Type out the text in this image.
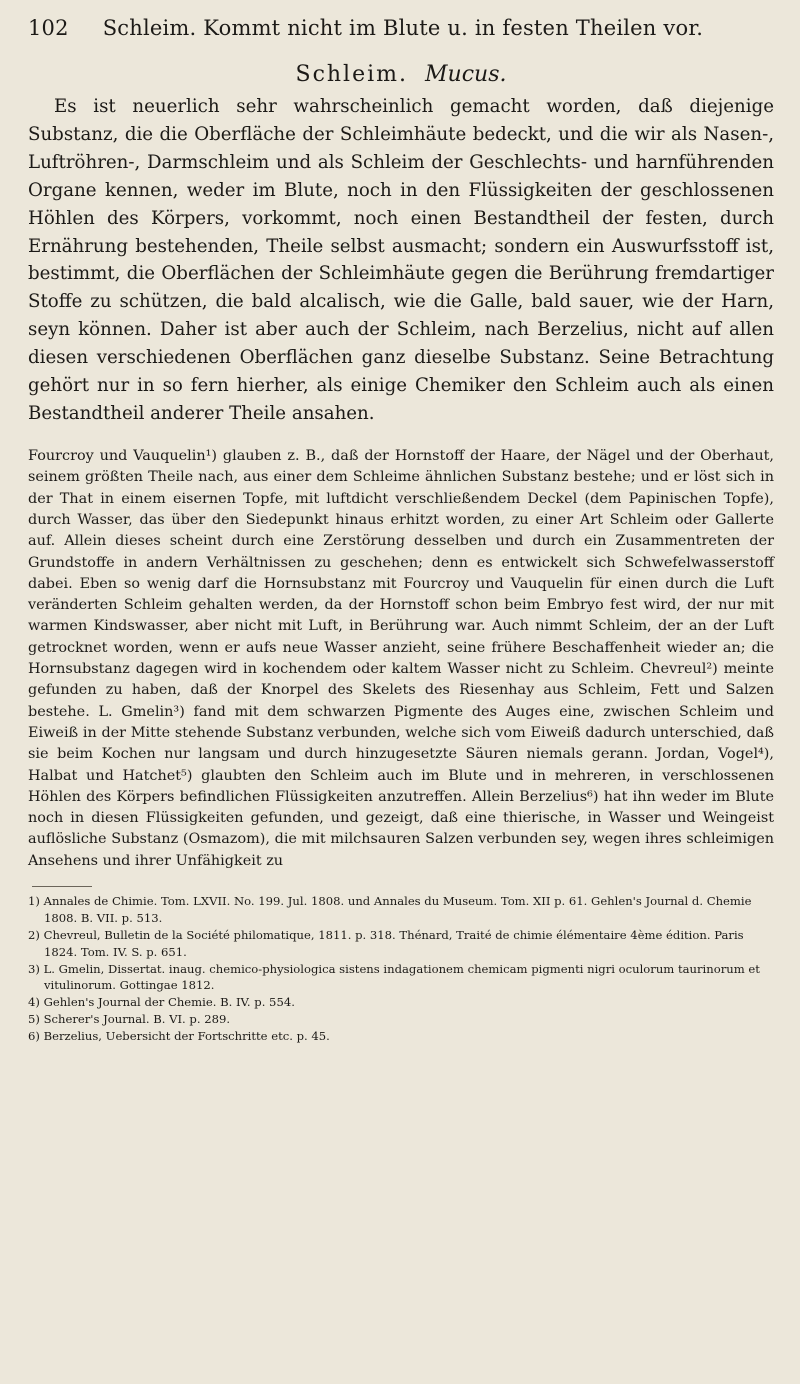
102 Schleim. Kommt nicht im Blute u. in festen Theilen vor.
Schleim. Mucus.

Es ist neuerlich sehr wahrscheinlich gemacht worden, daß diejenige Substanz, die die Oberfläche der Schleimhäute bedeckt, und die wir als Nasen-, Luftröhren-, Darmschleim und als Schleim der Geschlechts- und harnführenden Organe kennen, weder im Blute, noch in den Flüssigkeiten der geschlossenen Höhlen des Körpers, vorkommt, noch einen Bestandtheil der festen, durch Ernährung bestehenden, Theile selbst ausmacht; sondern ein Auswurfsstoff ist, bestimmt, die Oberflächen der Schleimhäute gegen die Berührung fremdartiger Stoffe zu schützen, die bald alcalisch, wie die Galle, bald sauer, wie der Harn, seyn können. Daher ist aber auch der Schleim, nach Berzelius, nicht auf allen diesen verschiedenen Oberflächen ganz dieselbe Substanz. Seine Betrachtung gehört nur in so fern hierher, als einige Chemiker den Schleim auch als einen Bestandtheil anderer Theile ansahen.

Fourcroy und Vauquelin¹) glauben z. B., daß der Hornstoff der Haare, der Nägel und der Oberhaut, seinem größten Theile nach, aus einer dem Schleime ähnlichen Substanz bestehe; und er löst sich in der That in einem eisernen Topfe, mit luftdicht verschließendem Deckel (dem Papinischen Topfe), durch Wasser, das über den Siedepunkt hinaus erhitzt worden, zu einer Art Schleim oder Gallerte auf. Allein dieses scheint durch eine Zerstörung desselben und durch ein Zusammentreten der Grundstoffe in andern Verhältnissen zu geschehen; denn es entwickelt sich Schwefelwasserstoff dabei. Eben so wenig darf die Hornsubstanz mit Fourcroy und Vauquelin für einen durch die Luft veränderten Schleim gehalten werden, da der Hornstoff schon beim Embryo fest wird, der nur mit warmen Kindswasser, aber nicht mit Luft, in Berührung war. Auch nimmt Schleim, der an der Luft getrocknet worden, wenn er aufs neue Wasser anzieht, seine frühere Beschaffenheit wieder an; die Hornsubstanz dagegen wird in kochendem oder kaltem Wasser nicht zu Schleim. Chevreul²) meinte gefunden zu haben, daß der Knorpel des Skelets des Riesenhay aus Schleim, Fett und Salzen bestehe. L. Gmelin³) fand mit dem schwarzen Pigmente des Auges eine, zwischen Schleim und Eiweiß in der Mitte stehende Substanz verbunden, welche sich vom Eiweiß dadurch unterschied, daß sie beim Kochen nur langsam und durch hinzugesetzte Säuren niemals gerann. Jordan, Vogel⁴), Halbat und Hatchet⁵) glaubten den Schleim auch im Blute und in mehreren, in verschlossenen Höhlen des Körpers befindlichen Flüssigkeiten anzutreffen. Allein Berzelius⁶) hat ihn weder im Blute noch in diesen Flüssigkeiten gefunden, und gezeigt, daß eine thierische, in Wasser und Weingeist auflösliche Substanz (Osmazom), die mit milchsauren Salzen verbunden sey, wegen ihres schleimigen Ansehens und ihrer Unfähigkeit zu

1) Annales de Chimie. Tom. LXVII. No. 199. Jul. 1808. und Annales du Museum. Tom. XII p. 61. Gehlen's Journal d. Chemie 1808. B. VII. p. 513.

2) Chevreul, Bulletin de la Société philomatique, 1811. p. 318. Thénard, Traité de chimie élémentaire 4ème édition. Paris 1824. Tom. IV. S. p. 651.

3) L. Gmelin, Dissertat. inaug. chemico-physiologica sistens indagationem chemicam pigmenti nigri oculorum taurinorum et vitulinorum. Gottingae 1812.

4) Gehlen's Journal der Chemie. B. IV. p. 554.

5) Scherer's Journal. B. VI. p. 289.

6) Berzelius, Uebersicht der Fortschritte etc. p. 45.
